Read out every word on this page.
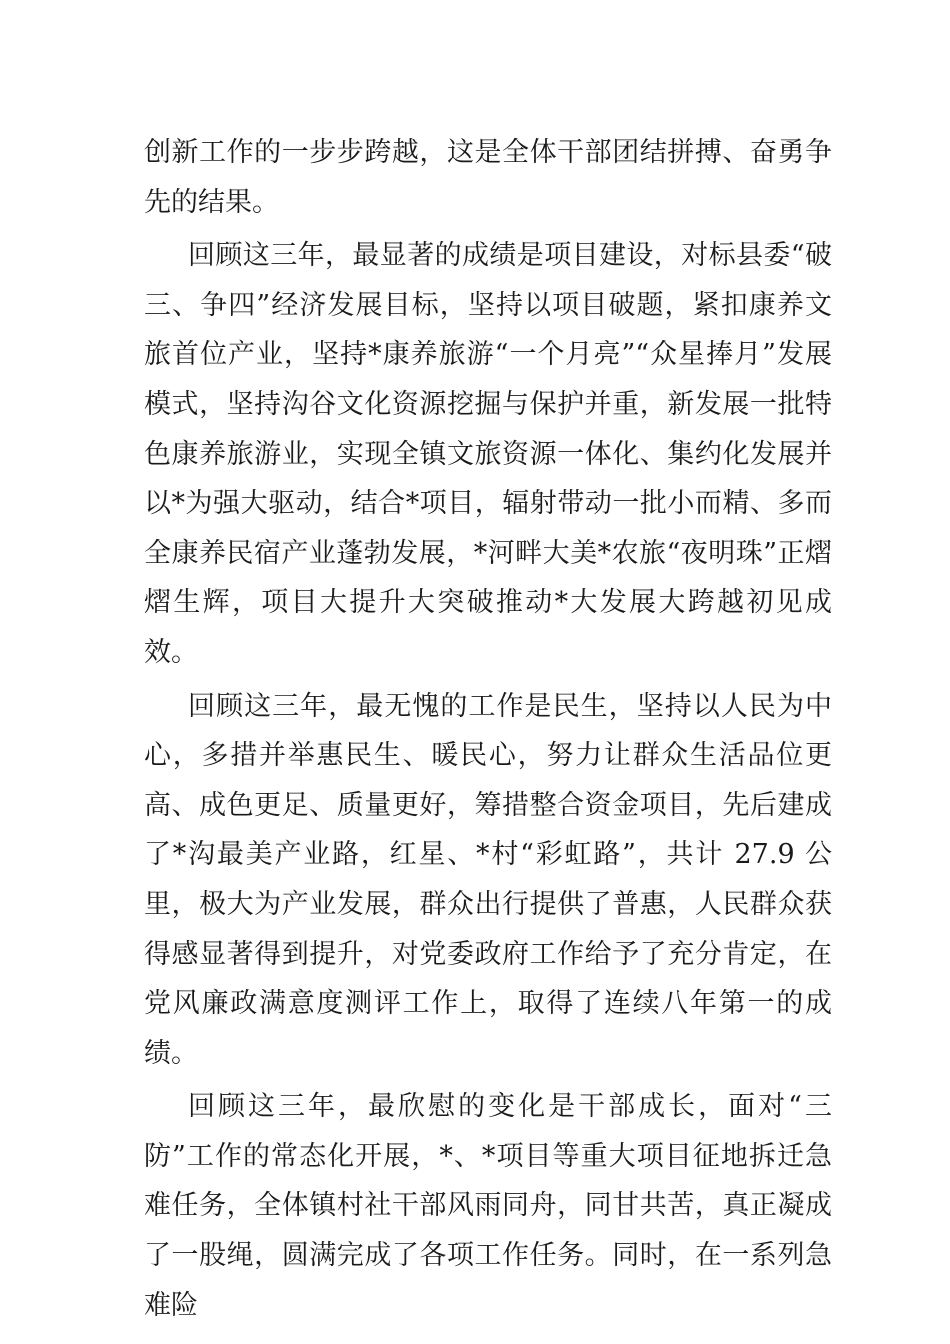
创新工作的一步步跨越，这是全体干部团结拼搏、奋勇争先的结果。

回顾这三年，最显著的成绩是项目建设，对标县委“破三、争四”经济发展目标，坚持以项目破题，紧扣康养文旅首位产业，坚持*康养旅游“一个月亮”“众星捧月”发展模式，坚持沟谷文化资源挖掘与保护并重，新发展一批特色康养旅游业，实现全镇文旅资源一体化、集约化发展并以*为强大驱动，结合*项目，辐射带动一批小而精、多而全康养民宿产业蓬勃发展，*河畔大美*农旅“夜明珠”正熠熠生辉，项目大提升大突破推动*大发展大跨越初见成效。

回顾这三年，最无愧的工作是民生，坚持以人民为中心，多措并举惠民生、暖民心，努力让群众生活品位更高、成色更足、质量更好，筹措整合资金项目，先后建成了*沟最美产业路，红星、*村“彩虹路”，共计 27.9 公里，极大为产业发展，群众出行提供了普惠，人民群众获得感显著得到提升，对党委政府工作给予了充分肯定，在党风廉政满意度测评工作上，取得了连续八年第一的成绩。

回顾这三年，最欣慰的变化是干部成长，面对“三防”工作的常态化开展，*、*项目等重大项目征地拆迁急难任务，全体镇村社干部风雨同舟，同甘共苦，真正凝成了一股绳，圆满完成了各项工作任务。同时，在一系列急难险
